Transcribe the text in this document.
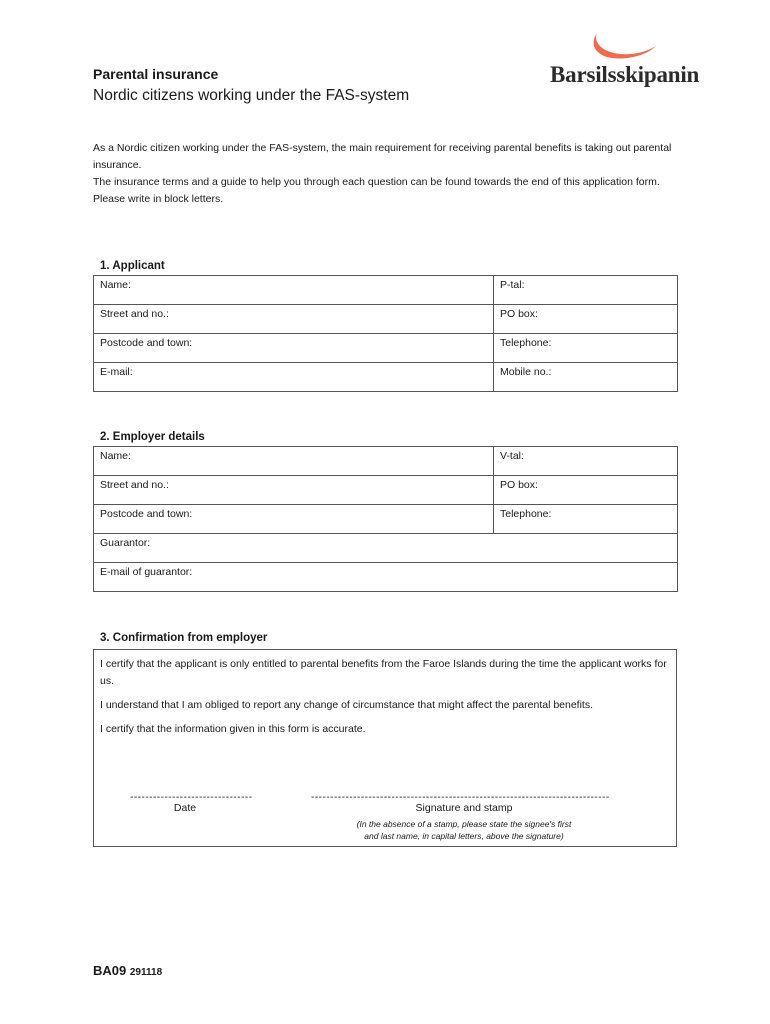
Barsilsskipanin
Parental insurance
Nordic citizens working under the FAS-system

As a Nordic citizen working under the FAS-system, the main requirement for receiving parental benefits is taking out parental insurance.

The insurance terms and a guide to help you through each question can be found towards the end of this application form.

Please write in block letters.

1. Applicant
Name:	P-tal:
Street and no.:	PO box:
Postcode and town:	Telephone:
E-mail:	Mobile no.:
2. Employer details
Name:	V-tal:
Street and no.:	PO box:
Postcode and town:	Telephone:
Guarantor:	
E-mail of guarantor:	
3. Confirmation from employer

I certify that the applicant is only entitled to parental benefits from the Faroe Islands during the time the applicant works for us.

I understand that I am obliged to report any change of circumstance that might affect the parental benefits.

I certify that the information given in this form is accurate.

--------------------------------
Date
------------------------------------------------------------------------------
Signature and stamp
(In the absence of a stamp, please state the signee's first
and last name, in capital letters, above the signature)
BA09 291118
